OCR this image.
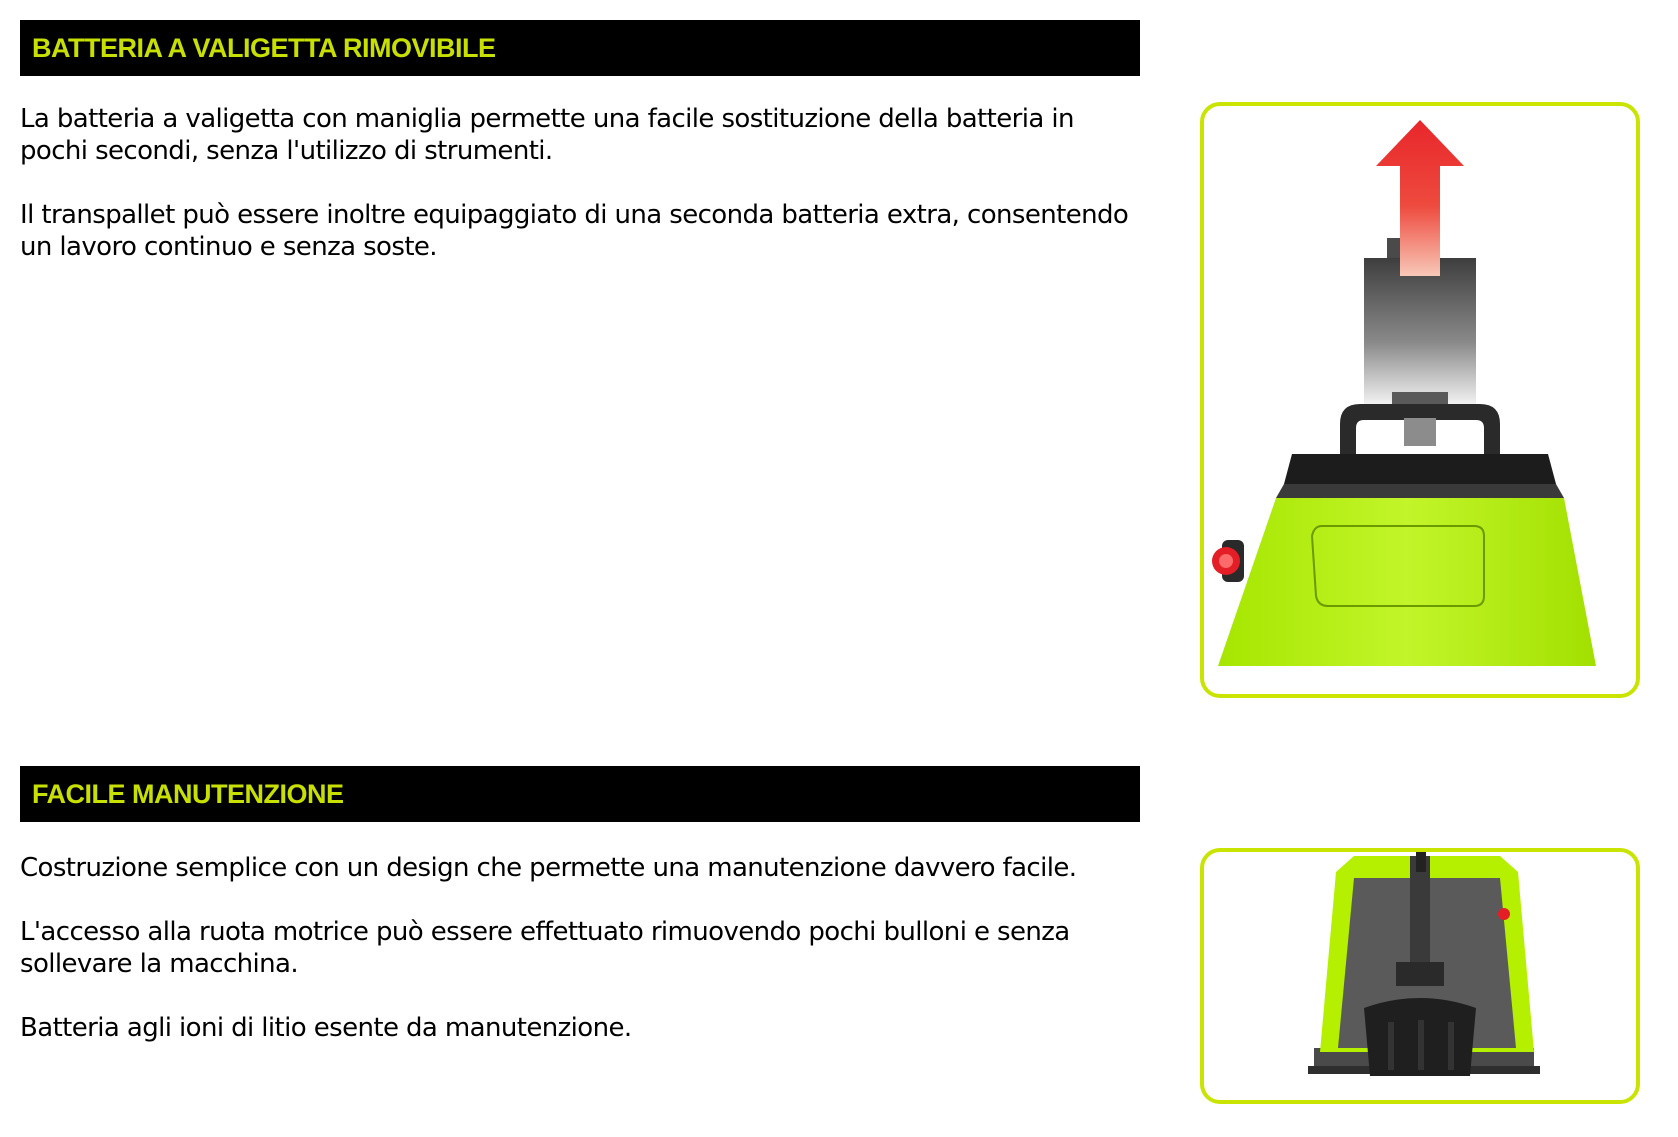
BATTERIA A VALIGETTA RIMOVIBILE

La batteria a valigetta con maniglia permette una facile sostituzione della batteria in pochi secondi, senza l'utilizzo di strumenti.

Il transpallet può essere inoltre equipaggiato di una seconda batteria extra, consentendo un lavoro continuo e senza soste.

FACILE MANUTENZIONE

Costruzione semplice con un design che permette una manutenzione davvero facile.

L'accesso alla ruota motrice può essere effettuato rimuovendo pochi bulloni e senza sollevare la macchina.

Batteria agli ioni di litio esente da manutenzione.
